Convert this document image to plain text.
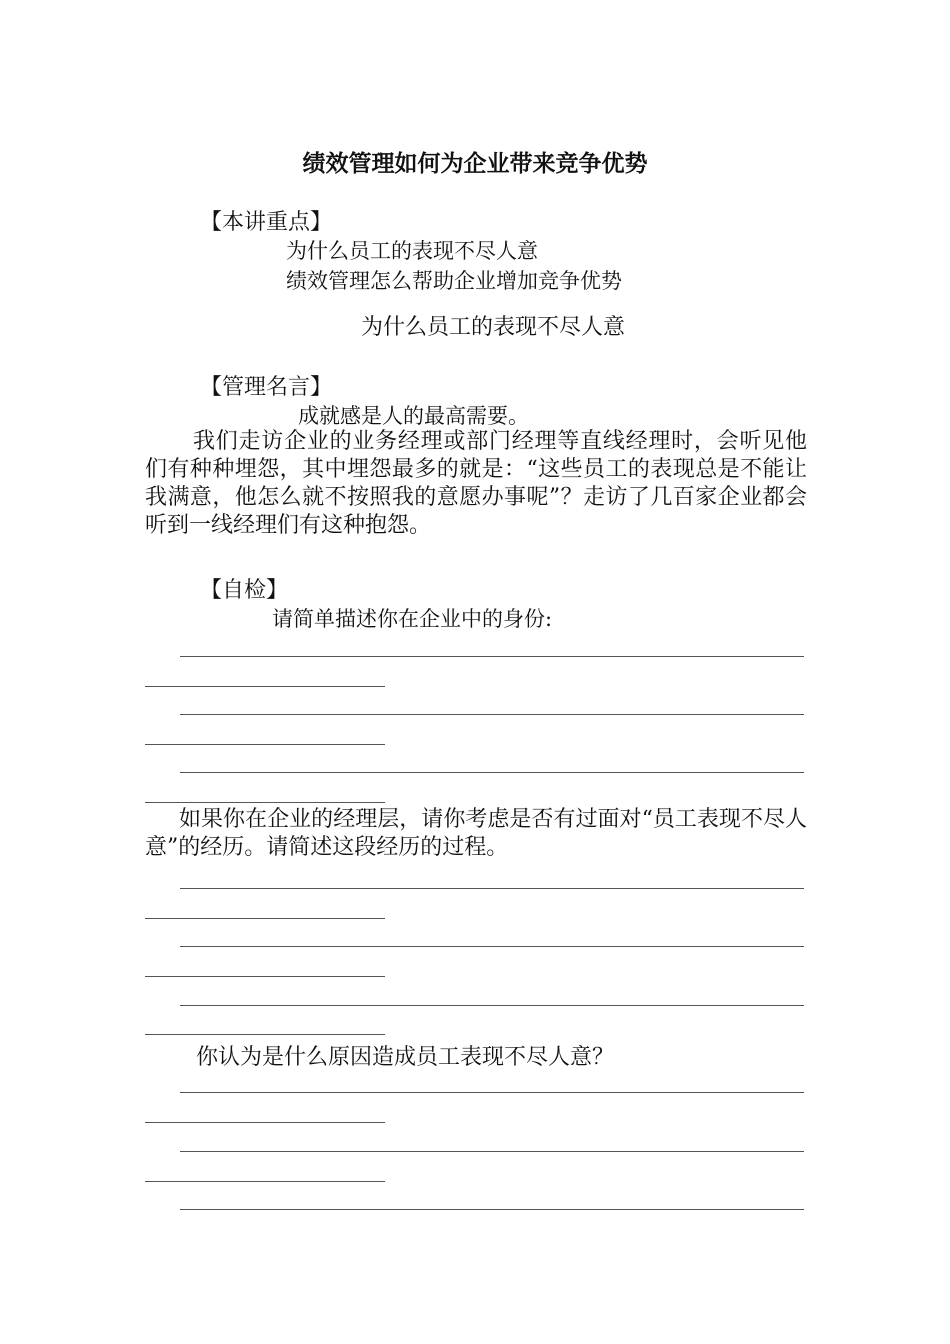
绩效管理如何为企业带来竞争优势
【本讲重点】
为什么员工的表现不尽人意
绩效管理怎么帮助企业增加竞争优势
为什么员工的表现不尽人意
【管理名言】
成就感是人的最高需要。
我们走访企业的业务经理或部门经理等直线经理时，会听见他们有种种埋怨，其中埋怨最多的就是：“这些员工的表现总是不能让我满意，他怎么就不按照我的意愿办事呢”？走访了几百家企业都会听到一线经理们有这种抱怨。
【自检】
请简单描述你在企业中的身份:
如果你在企业的经理层，请你考虑是否有过面对“员工表现不尽人意”的经历。请简述这段经历的过程。
你认为是什么原因造成员工表现不尽人意？
